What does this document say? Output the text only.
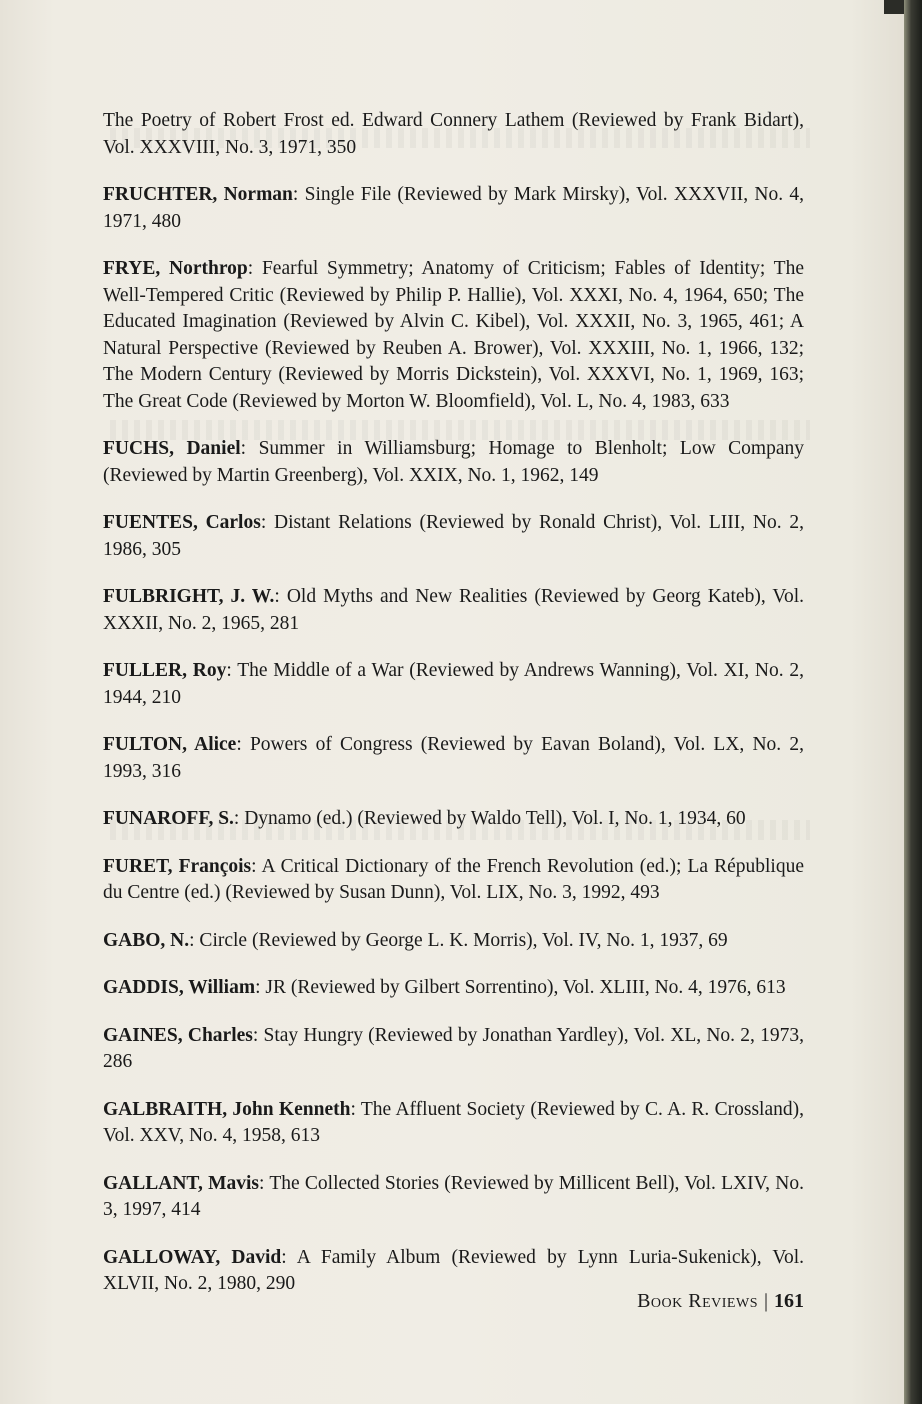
The Poetry of Robert Frost ed. Edward Connery Lathem (Reviewed by Frank Bidart), Vol. XXXVIII, No. 3, 1971, 350

FRUCHTER, Norman: Single File (Reviewed by Mark Mirsky), Vol. XXXVII, No. 4, 1971, 480

FRYE, Northrop: Fearful Symmetry; Anatomy of Criticism; Fables of Identity; The Well-Tempered Critic (Reviewed by Philip P. Hallie), Vol. XXXI, No. 4, 1964, 650; The Educated Imagination (Reviewed by Alvin C. Kibel), Vol. XXXII, No. 3, 1965, 461; A Natural Perspective (Reviewed by Reuben A. Brower), Vol. XXXIII, No. 1, 1966, 132; The Modern Century (Reviewed by Morris Dickstein), Vol. XXXVI, No. 1, 1969, 163; The Great Code (Reviewed by Morton W. Bloomfield), Vol. L, No. 4, 1983, 633

FUCHS, Daniel: Summer in Williamsburg; Homage to Blenholt; Low Company (Reviewed by Martin Greenberg), Vol. XXIX, No. 1, 1962, 149

FUENTES, Carlos: Distant Relations (Reviewed by Ronald Christ), Vol. LIII, No. 2, 1986, 305

FULBRIGHT, J. W.: Old Myths and New Realities (Reviewed by Georg Kateb), Vol. XXXII, No. 2, 1965, 281

FULLER, Roy: The Middle of a War (Reviewed by Andrews Wanning), Vol. XI, No. 2, 1944, 210

FULTON, Alice: Powers of Congress (Reviewed by Eavan Boland), Vol. LX, No. 2, 1993, 316

FUNAROFF, S.: Dynamo (ed.) (Reviewed by Waldo Tell), Vol. I, No. 1, 1934, 60

FURET, François: A Critical Dictionary of the French Revolution (ed.); La République du Centre (ed.) (Reviewed by Susan Dunn), Vol. LIX, No. 3, 1992, 493

GABO, N.: Circle (Reviewed by George L. K. Morris), Vol. IV, No. 1, 1937, 69

GADDIS, William: JR (Reviewed by Gilbert Sorrentino), Vol. XLIII, No. 4, 1976, 613

GAINES, Charles: Stay Hungry (Reviewed by Jonathan Yardley), Vol. XL, No. 2, 1973, 286

GALBRAITH, John Kenneth: The Affluent Society (Reviewed by C. A. R. Crossland), Vol. XXV, No. 4, 1958, 613

GALLANT, Mavis: The Collected Stories (Reviewed by Millicent Bell), Vol. LXIV, No. 3, 1997, 414

GALLOWAY, David: A Family Album (Reviewed by Lynn Luria-Sukenick), Vol. XLVII, No. 2, 1980, 290

Book Reviews | 161
